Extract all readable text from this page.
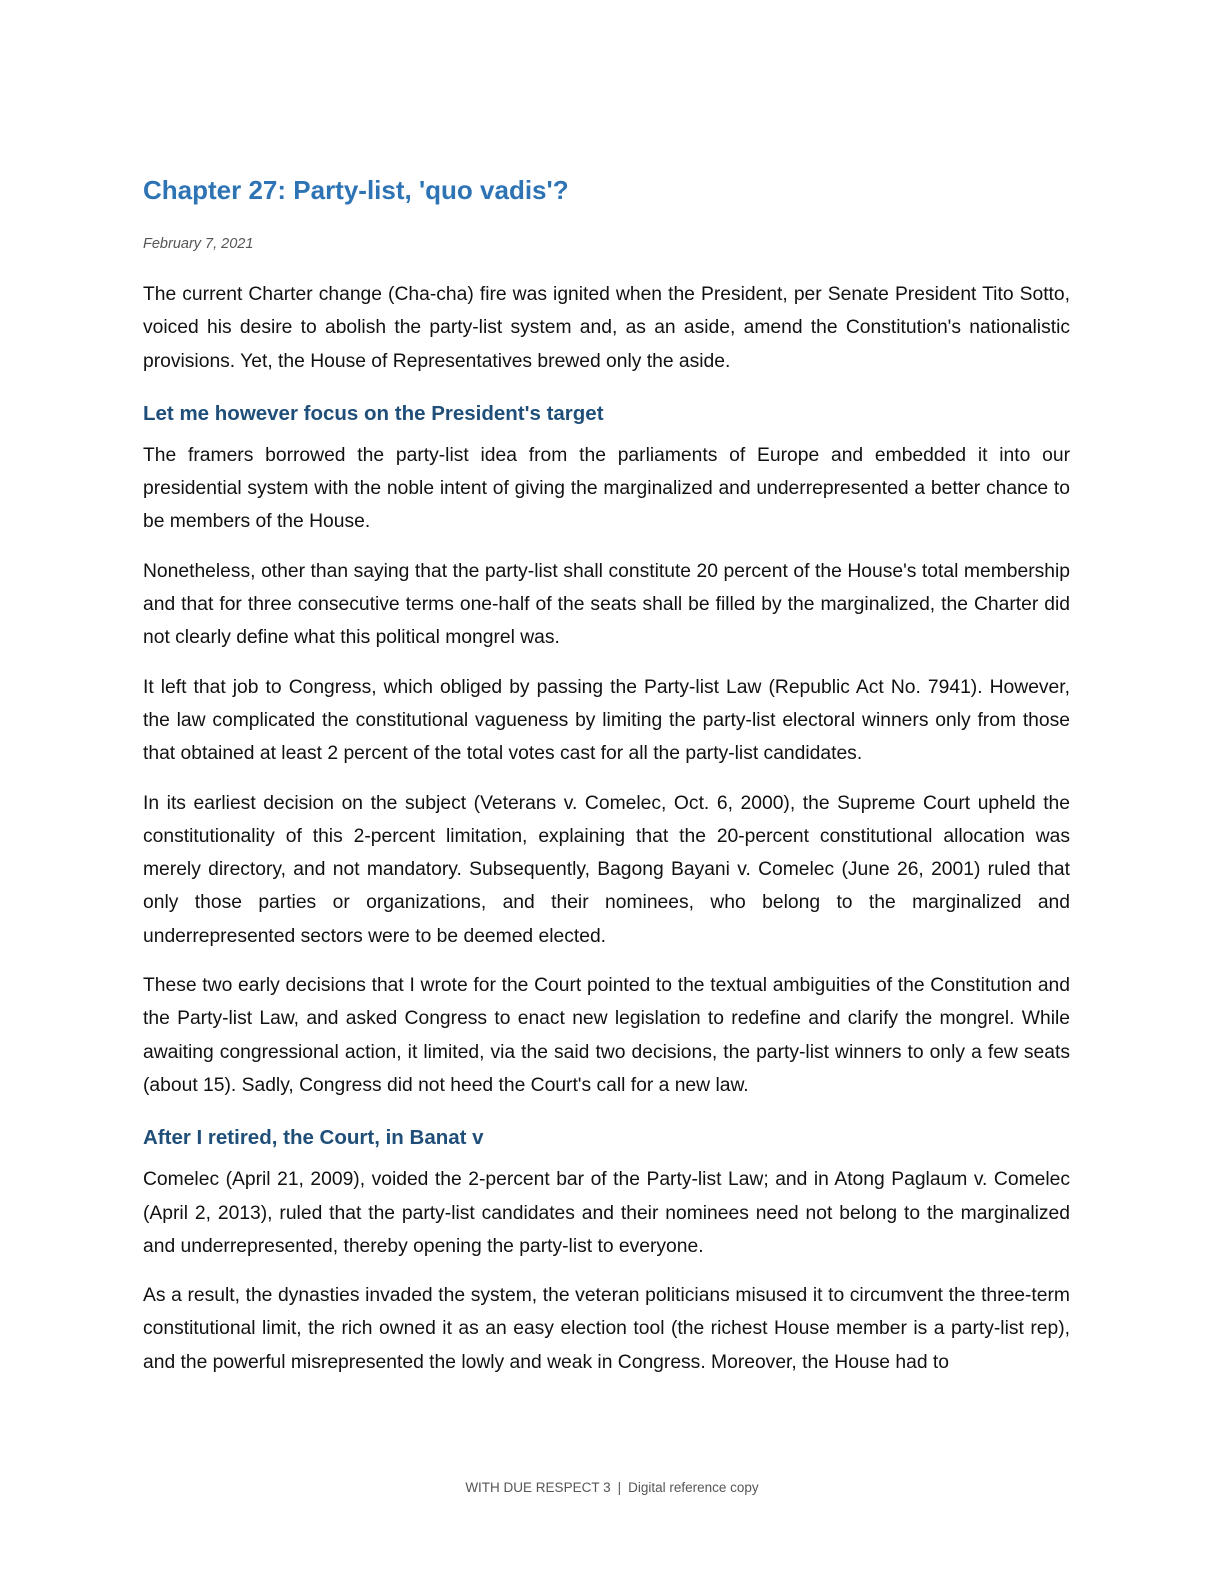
Chapter 27: Party-list, 'quo vadis'?
February 7, 2021

The current Charter change (Cha-cha) fire was ignited when the President, per Senate President Tito Sotto, voiced his desire to abolish the party-list system and, as an aside, amend the Constitution's nationalistic provisions. Yet, the House of Representatives brewed only the aside.

Let me however focus on the President's target

The framers borrowed the party-list idea from the parliaments of Europe and embedded it into our presidential system with the noble intent of giving the marginalized and underrepresented a better chance to be members of the House.

Nonetheless, other than saying that the party-list shall constitute 20 percent of the House's total membership and that for three consecutive terms one-half of the seats shall be filled by the marginalized, the Charter did not clearly define what this political mongrel was.

It left that job to Congress, which obliged by passing the Party-list Law (Republic Act No. 7941). However, the law complicated the constitutional vagueness by limiting the party-list electoral winners only from those that obtained at least 2 percent of the total votes cast for all the party-list candidates.

In its earliest decision on the subject (Veterans v. Comelec, Oct. 6, 2000), the Supreme Court upheld the constitutionality of this 2-percent limitation, explaining that the 20-percent constitutional allocation was merely directory, and not mandatory. Subsequently, Bagong Bayani v. Comelec (June 26, 2001) ruled that only those parties or organizations, and their nominees, who belong to the marginalized and underrepresented sectors were to be deemed elected.

These two early decisions that I wrote for the Court pointed to the textual ambiguities of the Constitution and the Party-list Law, and asked Congress to enact new legislation to redefine and clarify the mongrel. While awaiting congressional action, it limited, via the said two decisions, the party-list winners to only a few seats (about 15). Sadly, Congress did not heed the Court's call for a new law.

After I retired, the Court, in Banat v

Comelec (April 21, 2009), voided the 2-percent bar of the Party-list Law; and in Atong Paglaum v. Comelec (April 2, 2013), ruled that the party-list candidates and their nominees need not belong to the marginalized and underrepresented, thereby opening the party-list to everyone.

As a result, the dynasties invaded the system, the veteran politicians misused it to circumvent the three-term constitutional limit, the rich owned it as an easy election tool (the richest House member is a party-list rep), and the powerful misrepresented the lowly and weak in Congress. Moreover, the House had to

WITH DUE RESPECT 3 | Digital reference copy
